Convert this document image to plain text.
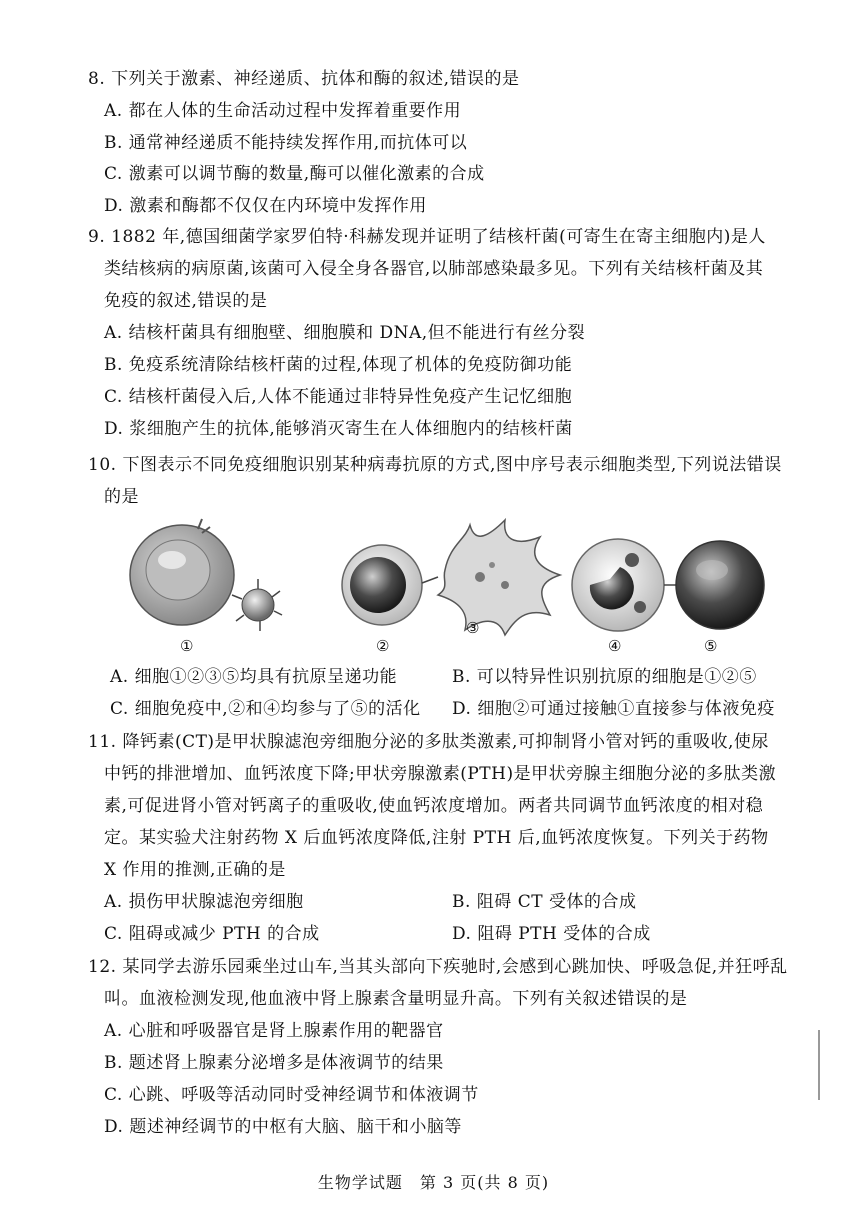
8. 下列关于激素、神经递质、抗体和酶的叙述,错误的是
A. 都在人体的生命活动过程中发挥着重要作用
B. 通常神经递质不能持续发挥作用,而抗体可以
C. 激素可以调节酶的数量,酶可以催化激素的合成
D. 激素和酶都不仅仅在内环境中发挥作用
9. 1882 年,德国细菌学家罗伯特·科赫发现并证明了结核杆菌(可寄生在寄主细胞内)是人
类结核病的病原菌,该菌可入侵全身各器官,以肺部感染最多见。下列有关结核杆菌及其
免疫的叙述,错误的是
A. 结核杆菌具有细胞壁、细胞膜和 DNA,但不能进行有丝分裂
B. 免疫系统清除结核杆菌的过程,体现了机体的免疫防御功能
C. 结核杆菌侵入后,人体不能通过非特异性免疫产生记忆细胞
D. 浆细胞产生的抗体,能够消灭寄生在人体细胞内的结核杆菌
10. 下图表示不同免疫细胞识别某种病毒抗原的方式,图中序号表示细胞类型,下列说法错误
的是
①	②
③
④	⑤
A. 细胞①②③⑤均具有抗原呈递功能	B. 可以特异性识别抗原的细胞是①②⑤
C. 细胞免疫中,②和④均参与了⑤的活化 D. 细胞②可通过接触①直接参与体液免疫
11. 降钙素(CT)是甲状腺滤泡旁细胞分泌的多肽类激素,可抑制肾小管对钙的重吸收,使尿
中钙的排泄增加、血钙浓度下降;甲状旁腺激素(PTH)是甲状旁腺主细胞分泌的多肽类激
素,可促进肾小管对钙离子的重吸收,使血钙浓度增加。两者共同调节血钙浓度的相对稳
定。某实验犬注射药物 X 后血钙浓度降低,注射 PTH 后,血钙浓度恢复。下列关于药物
X 作用的推测,正确的是
A. 损伤甲状腺滤泡旁细胞	B. 阻碍 CT 受体的合成
C. 阻碍或减少 PTH 的合成	D. 阻碍 PTH 受体的合成
12. 某同学去游乐园乘坐过山车,当其头部向下疾驰时,会感到心跳加快、呼吸急促,并狂呼乱
叫。血液检测发现,他血液中肾上腺素含量明显升高。下列有关叙述错误的是
A. 心脏和呼吸器官是肾上腺素作用的靶器官
B. 题述肾上腺素分泌增多是体液调节的结果
C. 心跳、呼吸等活动同时受神经调节和体液调节
D. 题述神经调节的中枢有大脑、脑干和小脑等
生物学试题　第 3 页(共 8 页)
